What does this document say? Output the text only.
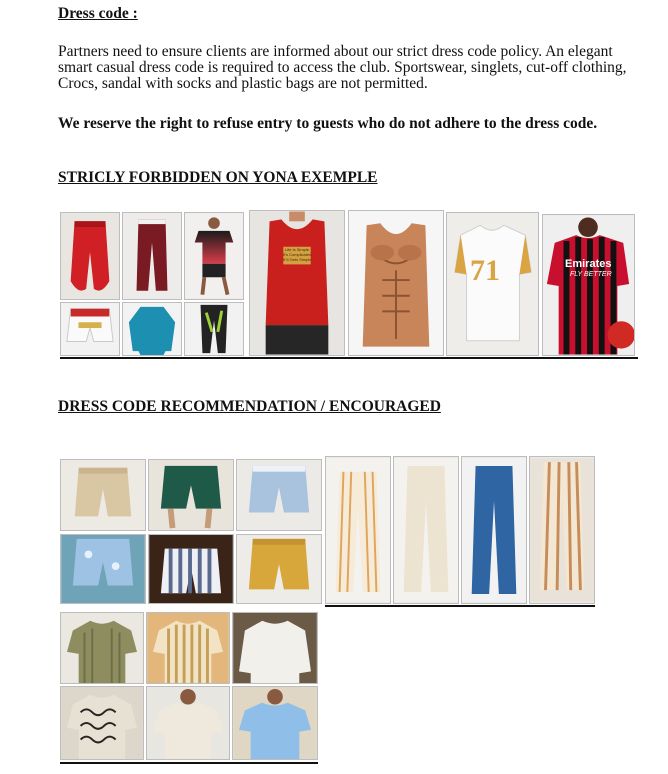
Dress code :
Partners need to ensure clients are informed about our strict dress code policy. An elegant smart casual dress code is required to access the club. Sportswear, singlets, cut-off clothing, Crocs, sandal with socks and plastic bags are not permitted.
We reserve the right to refuse entry to guests who do not adhere to the dress code.
STRICLY FORBIDDEN ON YONA EXEMPLE
Life Is Simple
It's Complicated
If It Gets Simple	71	Emirates
FLY BETTER
DRESS CODE RECOMMENDATION / ENCOURAGED
